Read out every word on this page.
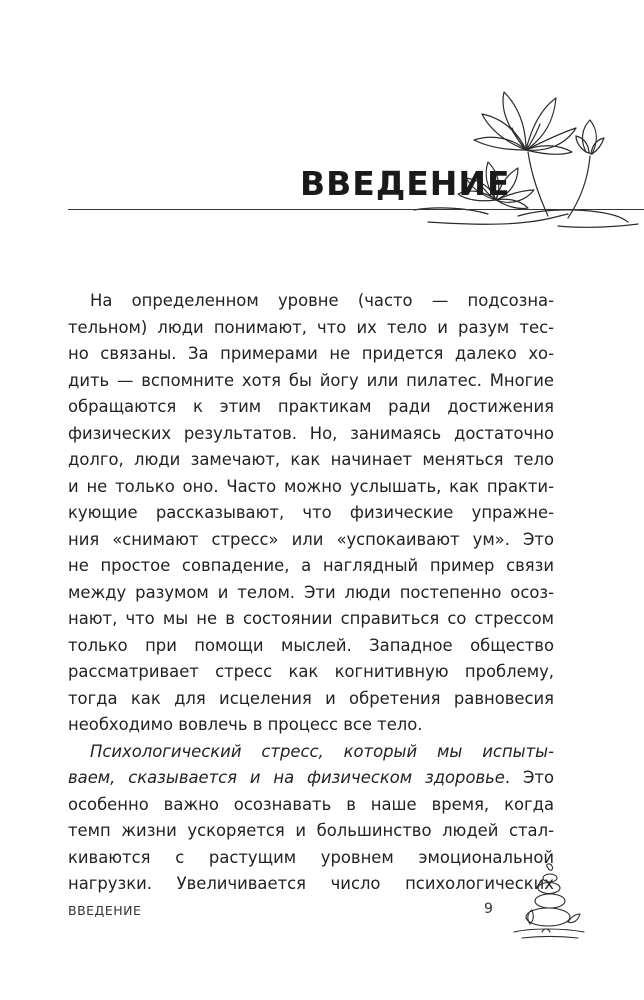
ВВЕДЕНИЕ
На определенном уровне (часто — подсозна-
тельном) люди понимают, что их тело и разум тес-
но связаны. За примерами не придется далеко хо-
дить — вспомните хотя бы йогу или пилатес. Многие
обращаются к этим практикам ради достижения
физических результатов. Но, занимаясь достаточно
долго, люди замечают, как начинает меняться тело
и не только оно. Часто можно услышать, как практи-
кующие рассказывают, что физические упражне-
ния «снимают стресс» или «успокаивают ум». Это
не простое совпадение, а наглядный пример связи
между разумом и телом. Эти люди постепенно осоз-
нают, что мы не в состоянии справиться со стрессом
только при помощи мыслей. Западное общество
рассматривает стресс как когнитивную проблему,
тогда как для исцеления и обретения равновесия
необходимо вовлечь в процесс все тело.
Психологический стресс, который мы испыты-
ваем, сказывается и на физическом здоровье. Это
особенно важно осознавать в наше время, когда
темп жизни ускоряется и большинство людей стал-
киваются с растущим уровнем эмоциональной
нагрузки. Увеличивается число психологических
ВВЕДЕНИЕ	9
